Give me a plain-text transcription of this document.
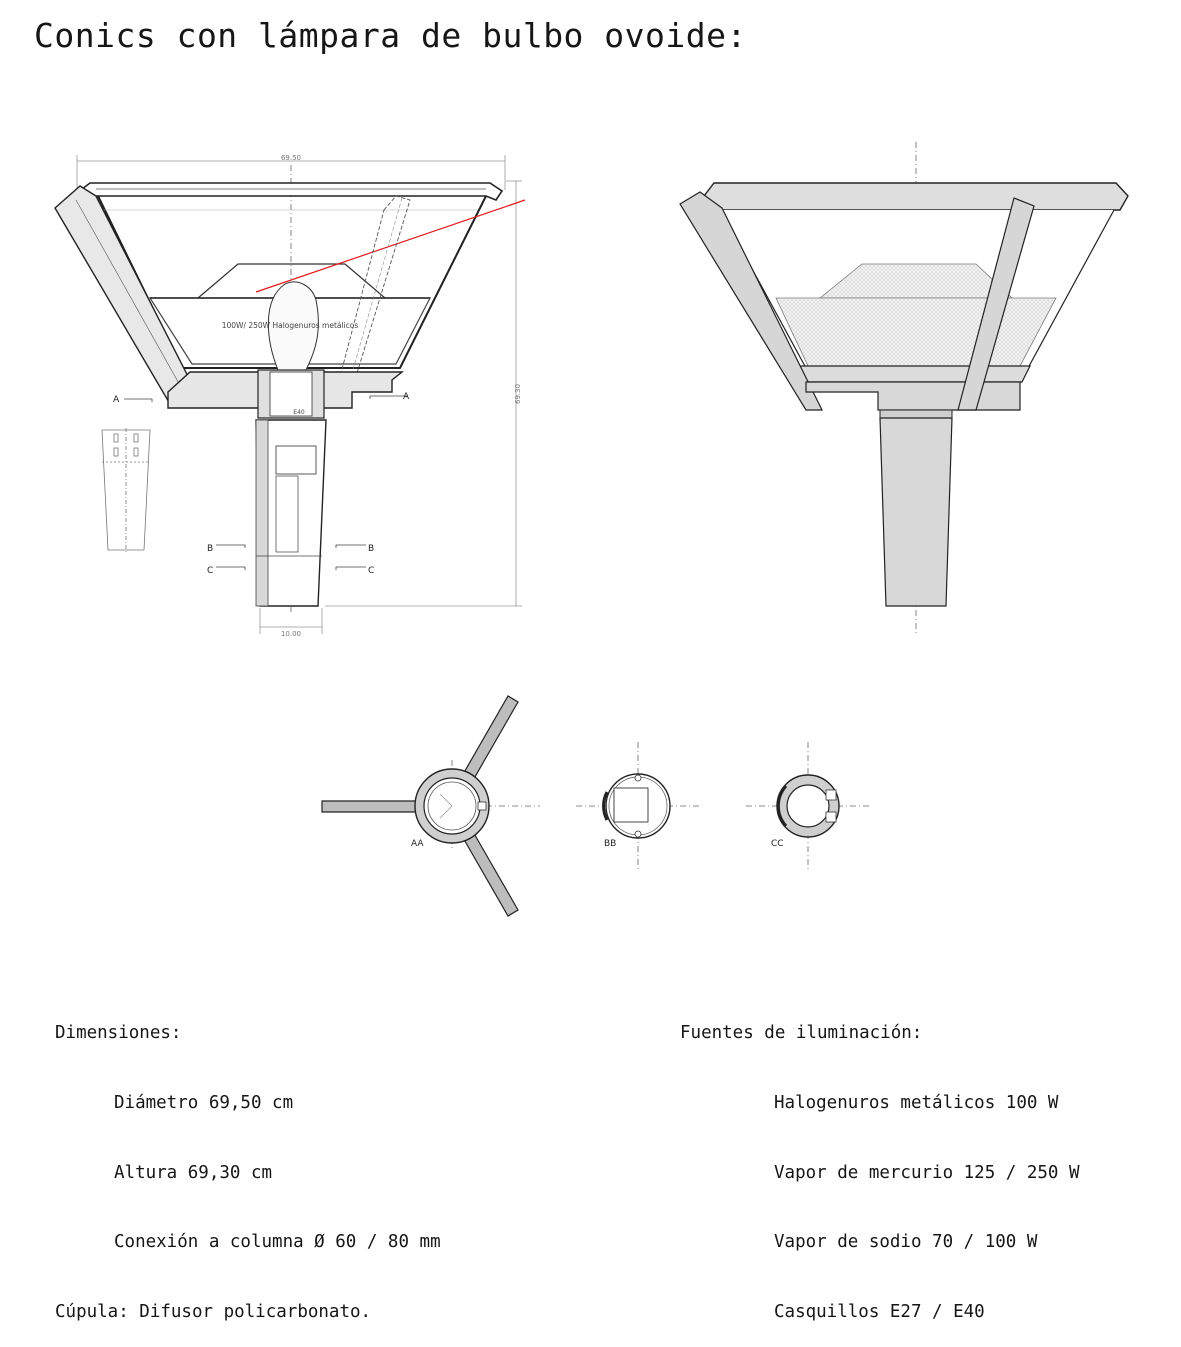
Conics con lámpara de bulbo ovoide:
69.50
69.30
10.00
100W/ 250W Halogenuros metálicos
E40
A	A
B	B
C	C
AA	BB	CC

Dimensiones:

Diámetro 69,50 cm

Altura 69,30 cm

Conexión a columna Ø 60 / 80 mm

Cúpula: Difusor policarbonato.

Fuentes de iluminación:

Halogenuros metálicos 100 W

Vapor de mercurio 125 / 250 W

Vapor de sodio 70 / 100 W

Casquillos E27 / E40
